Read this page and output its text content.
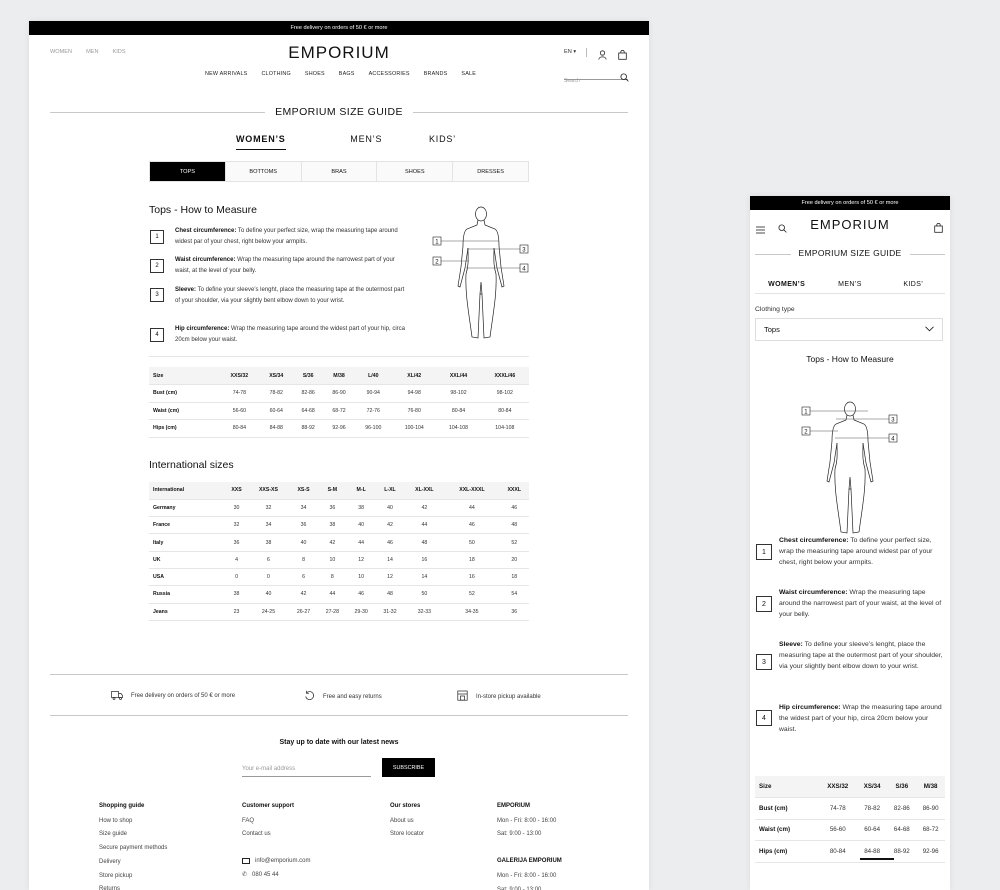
Free delivery on orders of 50 € or more
WOMEN	MEN	KIDS	EMPORIUM	EN ▾
NEW ARRIVALS	CLOTHING	SHOES	BAGS	ACCESSORIES	BRANDS	SALE
Search
EMPORIUM SIZE GUIDE
WOMEN’S	MEN’S	KIDS’
TOPS	BOTTOMS	BRAS	SHOES	DRESSES
Tops - How to Measure
1
Chest circumference: To define your perfect size, wrap the measuring tape around widest par of your chest, right below your armpits.
2
Waist circumference: Wrap the measuring tape around the narrowest part of your waist, at the level of your belly.
3
Sleeve: To define your sleeve’s lenght, place the measuring tape at the outermost part of your shoulder, via your slightly bent elbow down to your wrist.
4
Hip circumference: Wrap the measuring tape around the widest part of your hip, circa 20cm below your waist.
1
2
3
4
Size	XXS/32	XS/34	S/36	M/38	L/40	XL/42	XXL/44	XXXL/46
Bust (cm)	74-78	78-82	82-86	86-90	90-94	94-98	98-102	98-102
Waist (cm)	56-60	60-64	64-68	68-72	72-76	76-80	80-84	80-84
Hips (cm)	80-84	84-88	88-92	92-96	96-100	100-104	104-108	104-108
International sizes
International	XXS	XXS-XS	XS-S	S-M	M-L	L-XL	XL-XXL	XXL-XXXL	XXXL
Germany	30	32	34	36	38	40	42	44	46
France	32	34	36	38	40	42	44	46	48
Italy	36	38	40	42	44	46	48	50	52
UK	4	6	8	10	12	14	16	18	20
USA	0	0	6	8	10	12	14	16	18
Russia	38	40	42	44	46	48	50	52	54
Jeans	23	24-25	26-27	27-28	29-30	31-32	32-33	34-35	36
Free delivery on orders of 50 € or more	Free and easy returns	In-store pickup available
Stay up to date with our latest news
Your e-mail address	SUBSCRIBE
Shopping guide
How to shop
Size guide
Secure payment methods
Delivery
Store pickup
Returns
Customer support
FAQ
Contact us
info@emporium.com
✆ 080 45 44
Our stores
About us
Store locator
EMPORIUM
Mon - Fri: 8:00 - 16:00
Sat: 9:00 - 13:00
GALERIJA EMPORIUM
Mon - Fri: 8:00 - 16:00
Sat: 9:00 - 13:00
Free delivery on orders of 50 € or more
EMPORIUM
EMPORIUM SIZE GUIDE
WOMEN’S	MEN’S	KIDS’
Clothing type
Tops
Tops - How to Measure
1
2
3
4
1
Chest circumference: To define your perfect size, wrap the measuring tape around widest par of your chest, right below your armpits.
2
Waist circumference: Wrap the measuring tape around the narrowest part of your waist, at the level of your belly.
3
Sleeve: To define your sleeve’s lenght, place the measuring tape at the outermost part of your shoulder, via your slightly bent elbow down to your wrist.
4
Hip circumference: Wrap the measuring tape around the widest part of your hip, circa 20cm below your waist.
Size	XXS/32	XS/34	S/36	M/38
Bust (cm)	74-78	78-82	82-86	86-90
Waist (cm)	56-60	60-64	64-68	68-72
Hips (cm)	80-84	84-88	88-92	92-96
